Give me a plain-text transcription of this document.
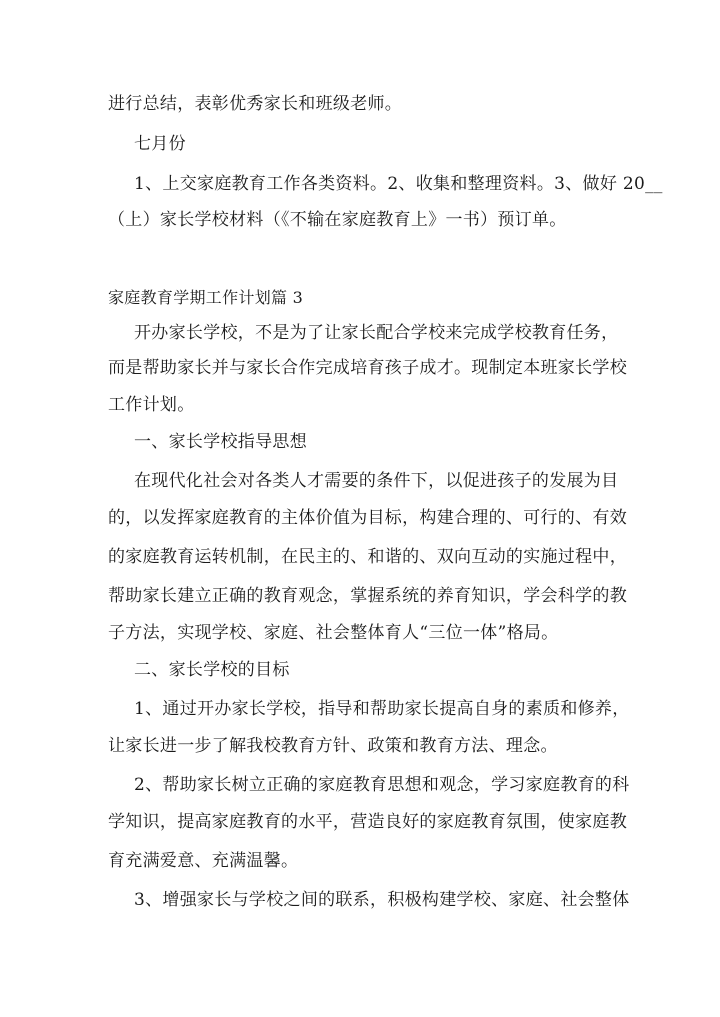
进行总结，表彰优秀家长和班级老师。
七月份
1、上交家庭教育工作各类资料。2、收集和整理资料。3、做好 20__
（上）家长学校材料（《不输在家庭教育上》一书）预订单。
家庭教育学期工作计划篇 3
开办家长学校，不是为了让家长配合学校来完成学校教育任务，
而是帮助家长并与家长合作完成培育孩子成才。现制定本班家长学校
工作计划。
一、家长学校指导思想
在现代化社会对各类人才需要的条件下，以促进孩子的发展为目
的，以发挥家庭教育的主体价值为目标，构建合理的、可行的、有效
的家庭教育运转机制，在民主的、和谐的、双向互动的实施过程中，
帮助家长建立正确的教育观念，掌握系统的养育知识，学会科学的教
子方法，实现学校、家庭、社会整体育人“三位一体”格局。
二、家长学校的目标
1、通过开办家长学校，指导和帮助家长提高自身的素质和修养，
让家长进一步了解我校教育方针、政策和教育方法、理念。
2、帮助家长树立正确的家庭教育思想和观念，学习家庭教育的科
学知识，提高家庭教育的水平，营造良好的家庭教育氛围，使家庭教
育充满爱意、充满温馨。
3、增强家长与学校之间的联系，积极构建学校、家庭、社会整体
